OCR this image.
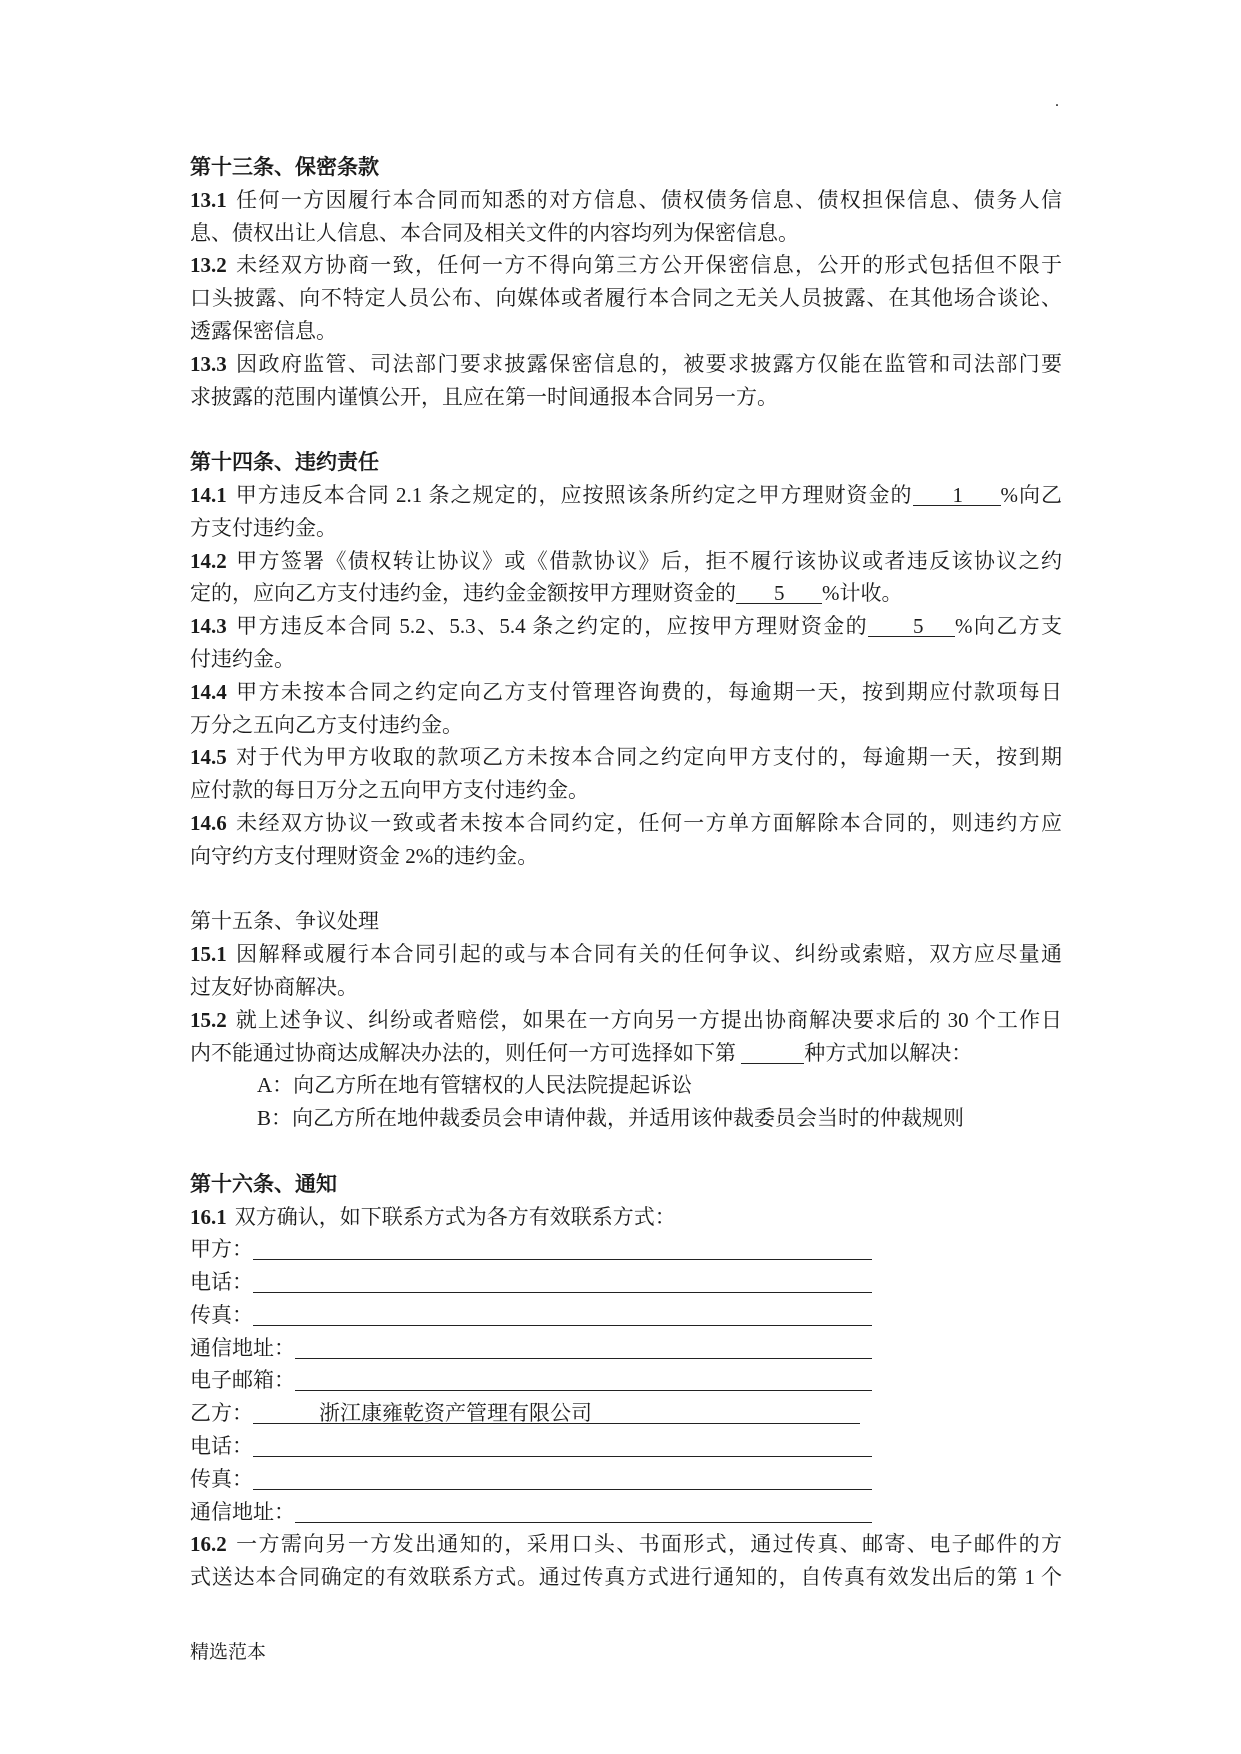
.
第十三条、保密条款
13.1 任何一方因履行本合同而知悉的对方信息、债权债务信息、债权担保信息、债务人信
息、债权出让人信息、本合同及相关文件的内容均列为保密信息。
13.2 未经双方协商一致，任何一方不得向第三方公开保密信息，公开的形式包括但不限于
口头披露、向不特定人员公布、向媒体或者履行本合同之无关人员披露、在其他场合谈论、
透露保密信息。
13.3 因政府监管、司法部门要求披露保密信息的，被要求披露方仅能在监管和司法部门要
求披露的范围内谨慎公开，且应在第一时间通报本合同另一方。
第十四条、违约责任
14.1 甲方违反本合同 2.1 条之规定的，应按照该条所约定之甲方理财资金的 1 %向乙
方支付违约金。
14.2 甲方签署《债权转让协议》或《借款协议》后，拒不履行该协议或者违反该协议之约
定的，应向乙方支付违约金，违约金金额按甲方理财资金的 5 %计收。
14.3 甲方违反本合同 5.2、5.3、5.4 条之约定的，应按甲方理财资金的 5 %向乙方支
付违约金。
14.4 甲方未按本合同之约定向乙方支付管理咨询费的，每逾期一天，按到期应付款项每日
万分之五向乙方支付违约金。
14.5 对于代为甲方收取的款项乙方未按本合同之约定向甲方支付的，每逾期一天，按到期
应付款的每日万分之五向甲方支付违约金。
14.6 未经双方协议一致或者未按本合同约定，任何一方单方面解除本合同的，则违约方应
向守约方支付理财资金 2%的违约金。
第十五条、争议处理
15.1 因解释或履行本合同引起的或与本合同有关的任何争议、纠纷或索赔，双方应尽量通
过友好协商解决。
15.2 就上述争议、纠纷或者赔偿，如果在一方向另一方提出协商解决要求后的 30 个工作日
内不能通过协商达成解决办法的，则任何一方可选择如下第	种方式加以解决：
A：向乙方所在地有管辖权的人民法院提起诉讼
B：向乙方所在地仲裁委员会申请仲裁，并适用该仲裁委员会当时的仲裁规则
第十六条、通知
16.1 双方确认，如下联系方式为各方有效联系方式：
甲方：
电话：
传真：
通信地址：
电子邮箱：
乙方：	浙江康雍乾资产管理有限公司
电话：
传真：
通信地址：
16.2 一方需向另一方发出通知的，采用口头、书面形式，通过传真、邮寄、电子邮件的方
式送达本合同确定的有效联系方式。通过传真方式进行通知的，自传真有效发出后的第 1 个
精选范本
